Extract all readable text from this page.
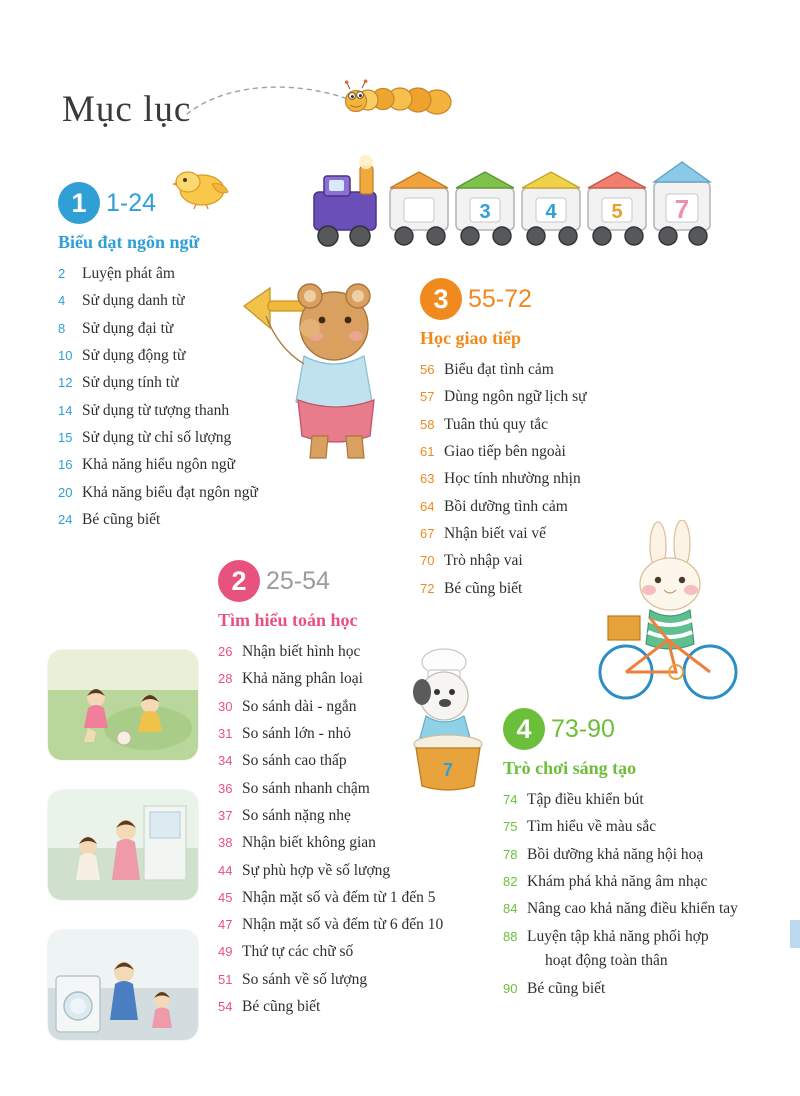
Mục lục
3	4	5 7
7
1 1-24
Biểu đạt ngôn ngữ
2	Luyện phát âm
4	Sử dụng danh từ
8	Sử dụng đại từ
10 Sử dụng động từ
12 Sử dụng tính từ
14 Sử dụng từ tượng thanh
15 Sử dụng từ chỉ số lượng
16 Khả năng hiểu ngôn ngữ
20 Khả năng biểu đạt ngôn ngữ
24 Bé cũng biết
2 25-54
Tìm hiểu toán học
26 Nhận biết hình học
28 Khả năng phân loại
30 So sánh dài - ngắn
31 So sánh lớn - nhỏ
34 So sánh cao thấp
36 So sánh nhanh chậm
37 So sánh nặng nhẹ
38 Nhận biết không gian
44 Sự phù hợp về số lượng
45 Nhận mặt số và đếm từ 1 đến 5
47 Nhận mặt số và đếm từ 6 đến 10
49 Thứ tự các chữ số
51 So sánh về số lượng
54 Bé cũng biết
3 55-72
Học giao tiếp
56 Biểu đạt tình cảm
57 Dùng ngôn ngữ lịch sự
58 Tuân thủ quy tắc
61 Giao tiếp bên ngoài
63 Học tính nhường nhịn
64 Bồi dưỡng tình cảm
67 Nhận biết vai vế
70 Trò nhập vai
72 Bé cũng biết
4 73-90
Trò chơi sáng tạo
74 Tập điều khiển bút
75 Tìm hiểu về màu sắc
78 Bồi dưỡng khả năng hội hoạ
82 Khám phá khả năng âm nhạc
84 Nâng cao khả năng điều khiển tay
88 Luyện tập khả năng phối hợp
hoạt động toàn thân
90 Bé cũng biết
